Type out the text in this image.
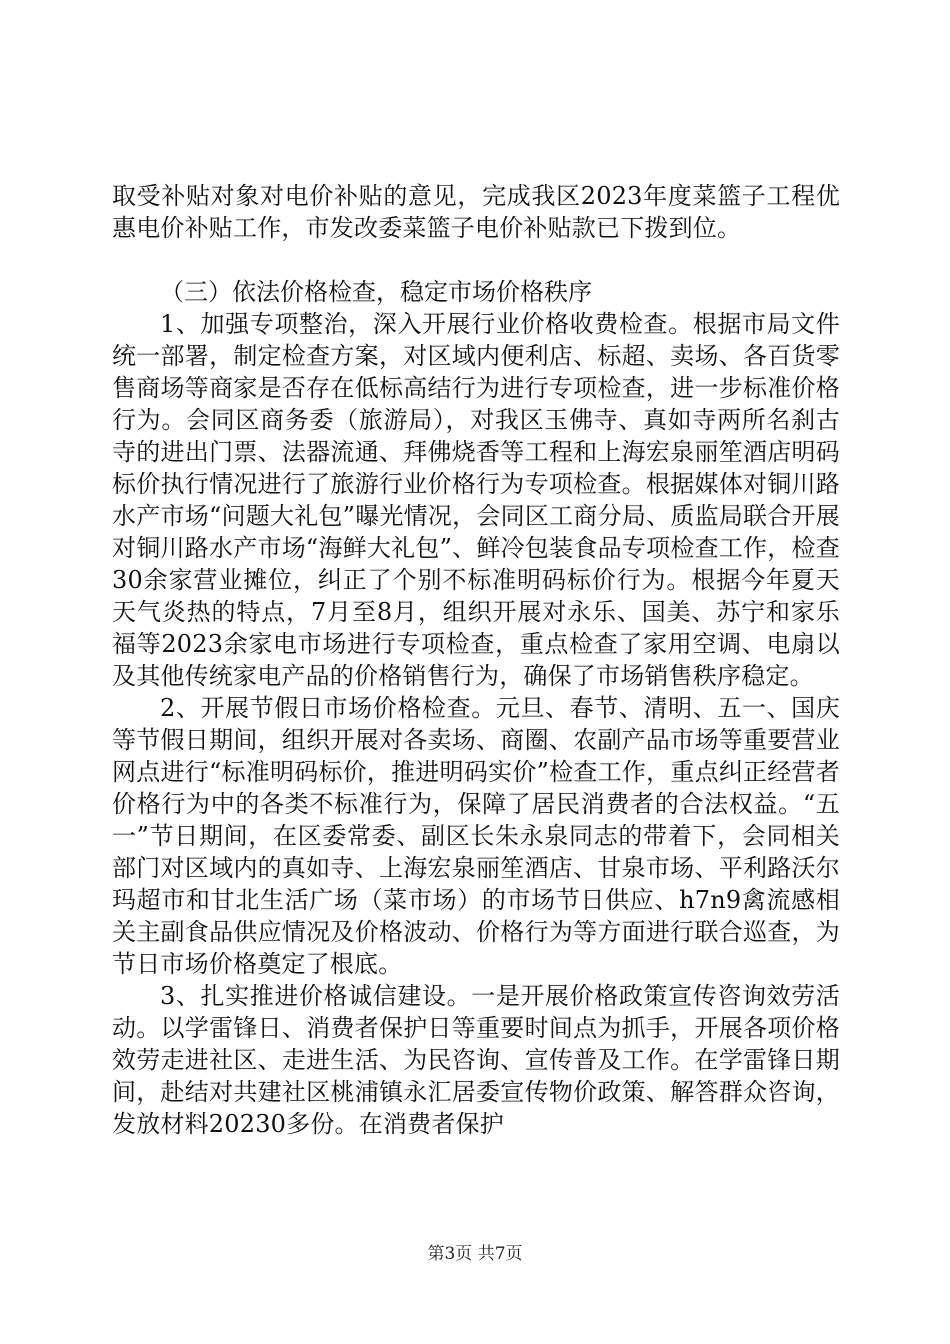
取受补贴对象对电价补贴的意见，完成我区2023年度菜篮子工程优惠电价补贴工作，市发改委菜篮子电价补贴款已下拨到位。
（三）依法价格检查，稳定市场价格秩序

1、加强专项整治，深入开展行业价格收费检查。根据市局文件统一部署，制定检查方案，对区域内便利店、标超、卖场、各百货零售商场等商家是否存在低标高结行为进行专项检查，进一步标准价格行为。会同区商务委（旅游局），对我区玉佛寺、真如寺两所名刹古寺的进出门票、法器流通、拜佛烧香等工程和上海宏泉丽笙酒店明码标价执行情况进行了旅游行业价格行为专项检查。根据媒体对铜川路水产市场“问题大礼包”曝光情况，会同区工商分局、质监局联合开展对铜川路水产市场“海鲜大礼包”、鲜冷包装食品专项检查工作，检查30余家营业摊位，纠正了个别不标准明码标价行为。根据今年夏天天气炎热的特点，7月至8月，组织开展对永乐、国美、苏宁和家乐福等2023余家电市场进行专项检查，重点检查了家用空调、电扇以及其他传统家电产品的价格销售行为，确保了市场销售秩序稳定。

2、开展节假日市场价格检查。元旦、春节、清明、五一、国庆等节假日期间，组织开展对各卖场、商圈、农副产品市场等重要营业网点进行“标准明码标价，推进明码实价”检查工作，重点纠正经营者价格行为中的各类不标准行为，保障了居民消费者的合法权益。“五一”节日期间，在区委常委、副区长朱永泉同志的带着下，会同相关部门对区域内的真如寺、上海宏泉丽笙酒店、甘泉市场、平利路沃尔玛超市和甘北生活广场（菜市场）的市场节日供应、h7n9禽流感相关主副食品供应情况及价格波动、价格行为等方面进行联合巡查，为节日市场价格奠定了根底。

3、扎实推进价格诚信建设。一是开展价格政策宣传咨询效劳活动。以学雷锋日、消费者保护日等重要时间点为抓手，开展各项价格效劳走进社区、走进生活、为民咨询、宣传普及工作。在学雷锋日期间，赴结对共建社区桃浦镇永汇居委宣传物价政策、解答群众咨询，发放材料20230多份。在消费者保护

第3页 共7页
